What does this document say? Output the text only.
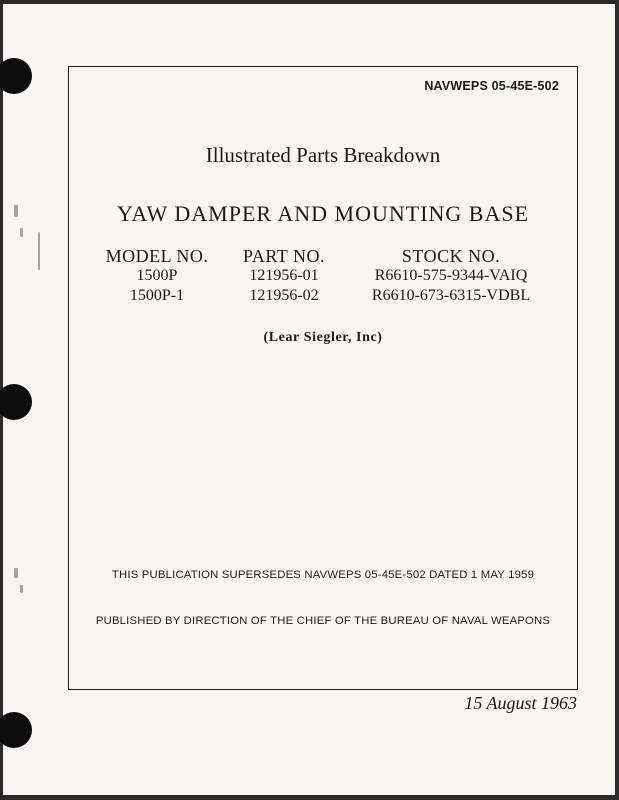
NAVWEPS 05-45E-502
Illustrated Parts Breakdown
YAW DAMPER AND MOUNTING BASE
MODEL NO.
1500P
1500P-1
PART NO.
121956-01
121956-02
STOCK NO.
R6610-575-9344-VAIQ
R6610-673-6315-VDBL
(Lear Siegler, Inc)
THIS PUBLICATION SUPERSEDES NAVWEPS 05-45E-502 DATED 1 MAY 1959
PUBLISHED BY DIRECTION OF THE CHIEF OF THE BUREAU OF NAVAL WEAPONS
15 August 1963
